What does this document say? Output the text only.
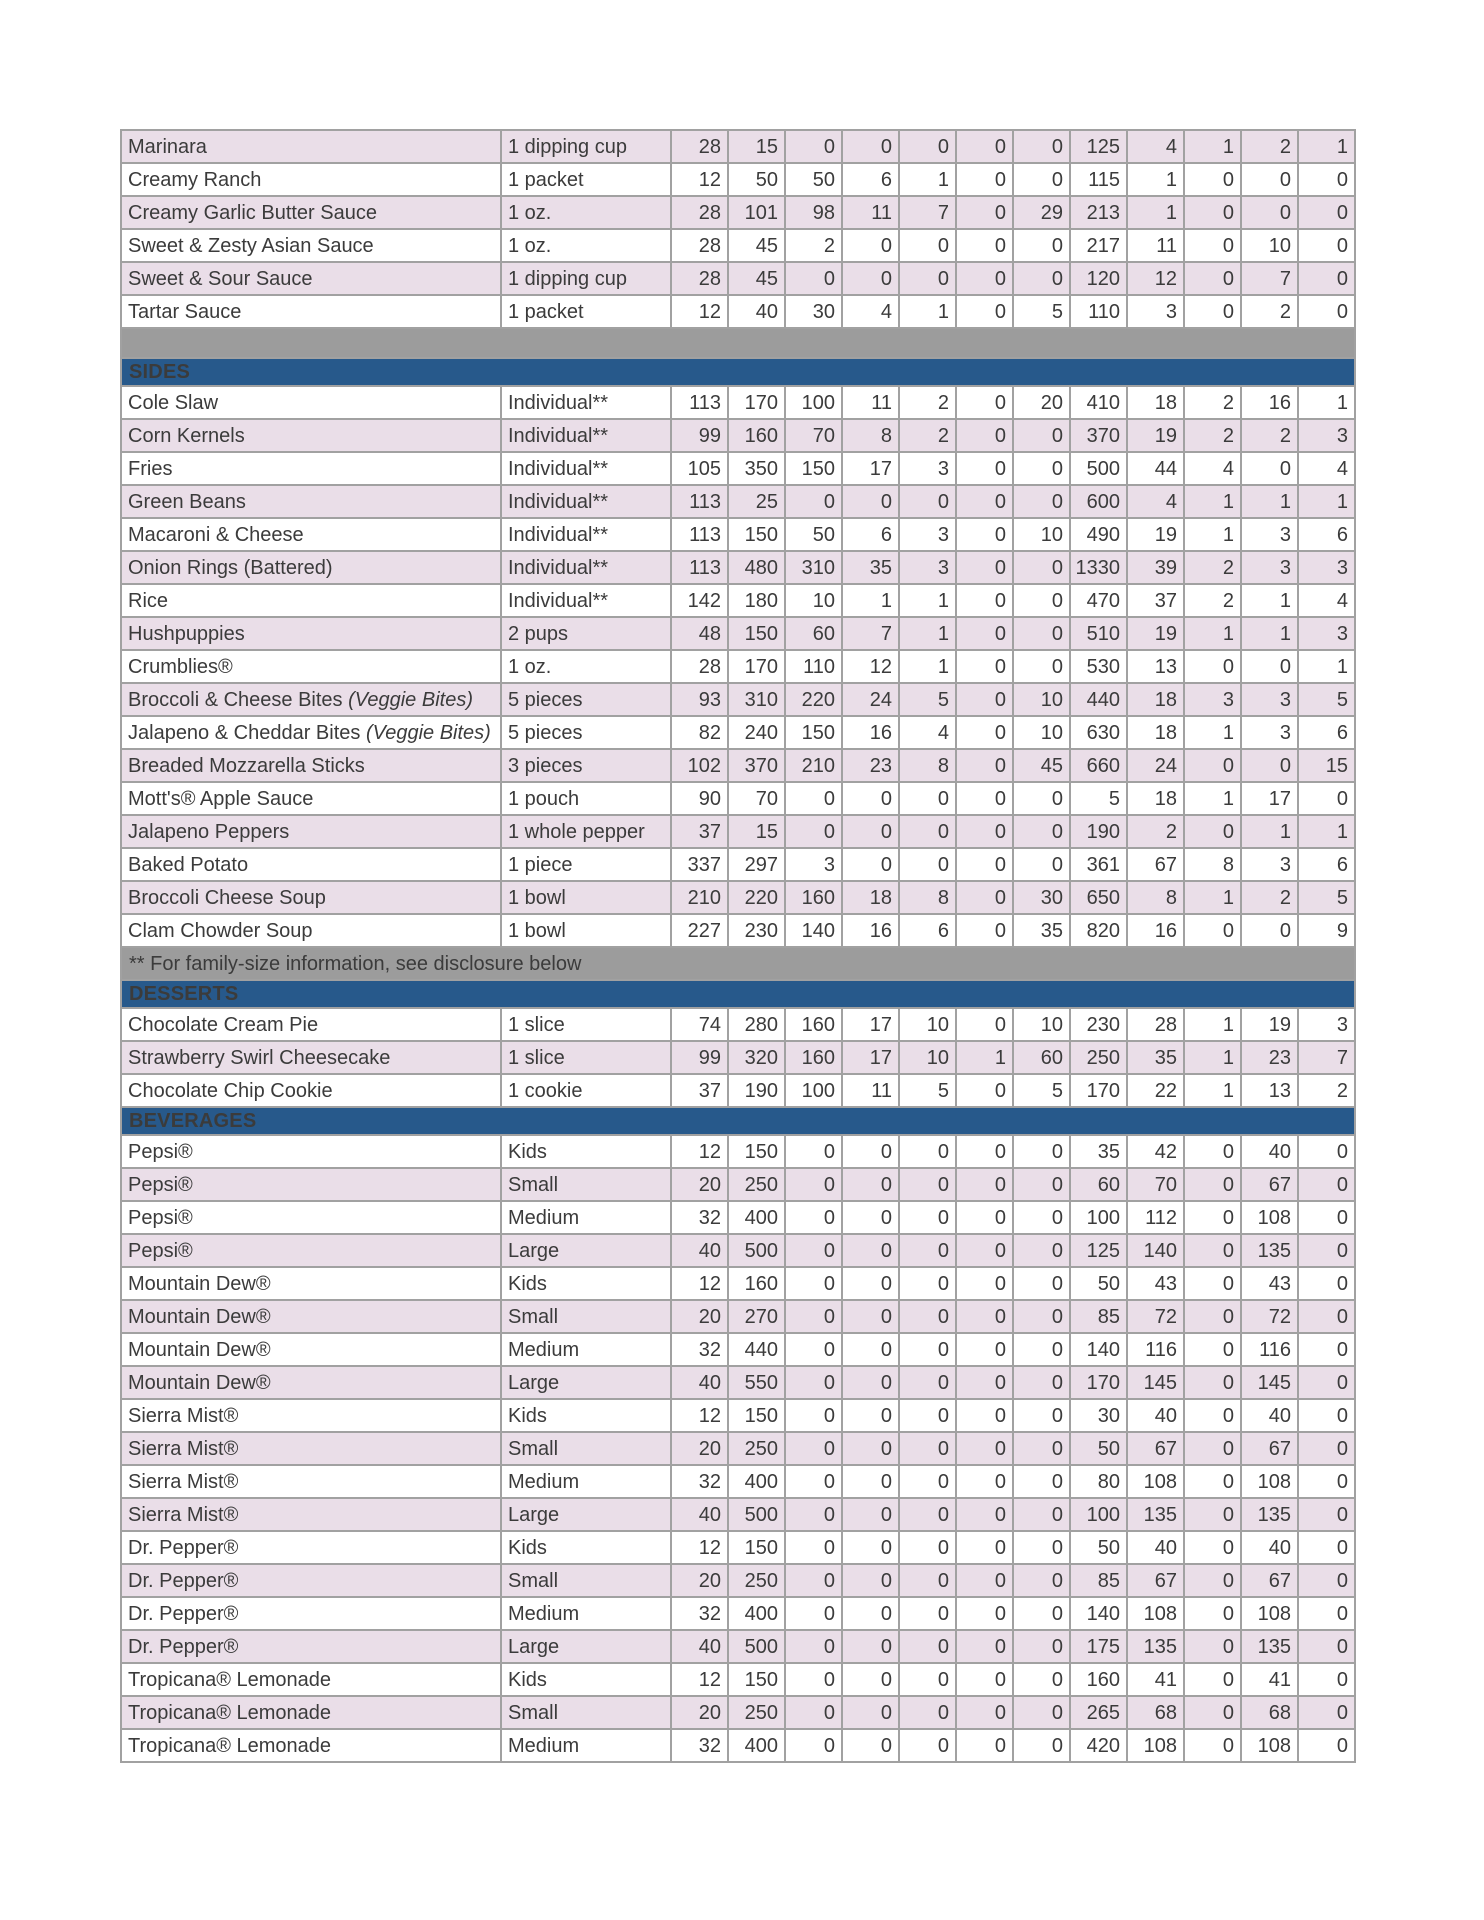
Marinara	1 dipping cup	28	15	0	0	0	0	0	125	4	1	2	1
Creamy Ranch	1 packet	12	50	50	6	1	0	0	115	1	0	0	0
Creamy Garlic Butter Sauce	1 oz.	28	101	98	11	7	0	29	213	1	0	0	0
Sweet & Zesty Asian Sauce	1 oz.	28	45	2	0	0	0	0	217	11	0	10	0
Sweet & Sour Sauce	1 dipping cup	28	45	0	0	0	0	0	120	12	0	7	0
Tartar Sauce	1 packet	12	40	30	4	1	0	5	110	3	0	2	0

SIDES													
Cole Slaw	Individual**	113	170	100	11	2	0	20	410	18	2	16	1
Corn Kernels	Individual**	99	160	70	8	2	0	0	370	19	2	2	3
Fries	Individual**	105	350	150	17	3	0	0	500	44	4	0	4
Green Beans	Individual**	113	25	0	0	0	0	0	600	4	1	1	1
Macaroni & Cheese	Individual**	113	150	50	6	3	0	10	490	19	1	3	6
Onion Rings (Battered)	Individual**	113	480	310	35	3	0	0	1330	39	2	3	3
Rice	Individual**	142	180	10	1	1	0	0	470	37	2	1	4
Hushpuppies	2 pups	48	150	60	7	1	0	0	510	19	1	1	3
Crumblies®	1 oz.	28	170	110	12	1	0	0	530	13	0	0	1
Broccoli & Cheese Bites (Veggie Bites)	5 pieces	93	310	220	24	5	0	10	440	18	3	3	5
Jalapeno & Cheddar Bites (Veggie Bites)	5 pieces	82	240	150	16	4	0	10	630	18	1	3	6
Breaded Mozzarella Sticks	3 pieces	102	370	210	23	8	0	45	660	24	0	0	15
Mott's® Apple Sauce	1 pouch	90	70	0	0	0	0	0	5	18	1	17	0
Jalapeno Peppers	1 whole pepper	37	15	0	0	0	0	0	190	2	0	1	1
Baked Potato	1 piece	337	297	3	0	0	0	0	361	67	8	3	6
Broccoli Cheese Soup	1 bowl	210	220	160	18	8	0	30	650	8	1	2	5
Clam Chowder Soup	1 bowl	227	230	140	16	6	0	35	820	16	0	0	9
** For family-size information, see disclosure below													
DESSERTS													
Chocolate Cream Pie	1 slice	74	280	160	17	10	0	10	230	28	1	19	3
Strawberry Swirl Cheesecake	1 slice	99	320	160	17	10	1	60	250	35	1	23	7
Chocolate Chip Cookie	1 cookie	37	190	100	11	5	0	5	170	22	1	13	2
BEVERAGES													
Pepsi®	Kids	12	150	0	0	0	0	0	35	42	0	40	0
Pepsi®	Small	20	250	0	0	0	0	0	60	70	0	67	0
Pepsi®	Medium	32	400	0	0	0	0	0	100	112	0	108	0
Pepsi®	Large	40	500	0	0	0	0	0	125	140	0	135	0
Mountain Dew®	Kids	12	160	0	0	0	0	0	50	43	0	43	0
Mountain Dew®	Small	20	270	0	0	0	0	0	85	72	0	72	0
Mountain Dew®	Medium	32	440	0	0	0	0	0	140	116	0	116	0
Mountain Dew®	Large	40	550	0	0	0	0	0	170	145	0	145	0
Sierra Mist®	Kids	12	150	0	0	0	0	0	30	40	0	40	0
Sierra Mist®	Small	20	250	0	0	0	0	0	50	67	0	67	0
Sierra Mist®	Medium	32	400	0	0	0	0	0	80	108	0	108	0
Sierra Mist®	Large	40	500	0	0	0	0	0	100	135	0	135	0
Dr. Pepper®	Kids	12	150	0	0	0	0	0	50	40	0	40	0
Dr. Pepper®	Small	20	250	0	0	0	0	0	85	67	0	67	0
Dr. Pepper®	Medium	32	400	0	0	0	0	0	140	108	0	108	0
Dr. Pepper®	Large	40	500	0	0	0	0	0	175	135	0	135	0
Tropicana® Lemonade	Kids	12	150	0	0	0	0	0	160	41	0	41	0
Tropicana® Lemonade	Small	20	250	0	0	0	0	0	265	68	0	68	0
Tropicana® Lemonade	Medium	32	400	0	0	0	0	0	420	108	0	108	0
